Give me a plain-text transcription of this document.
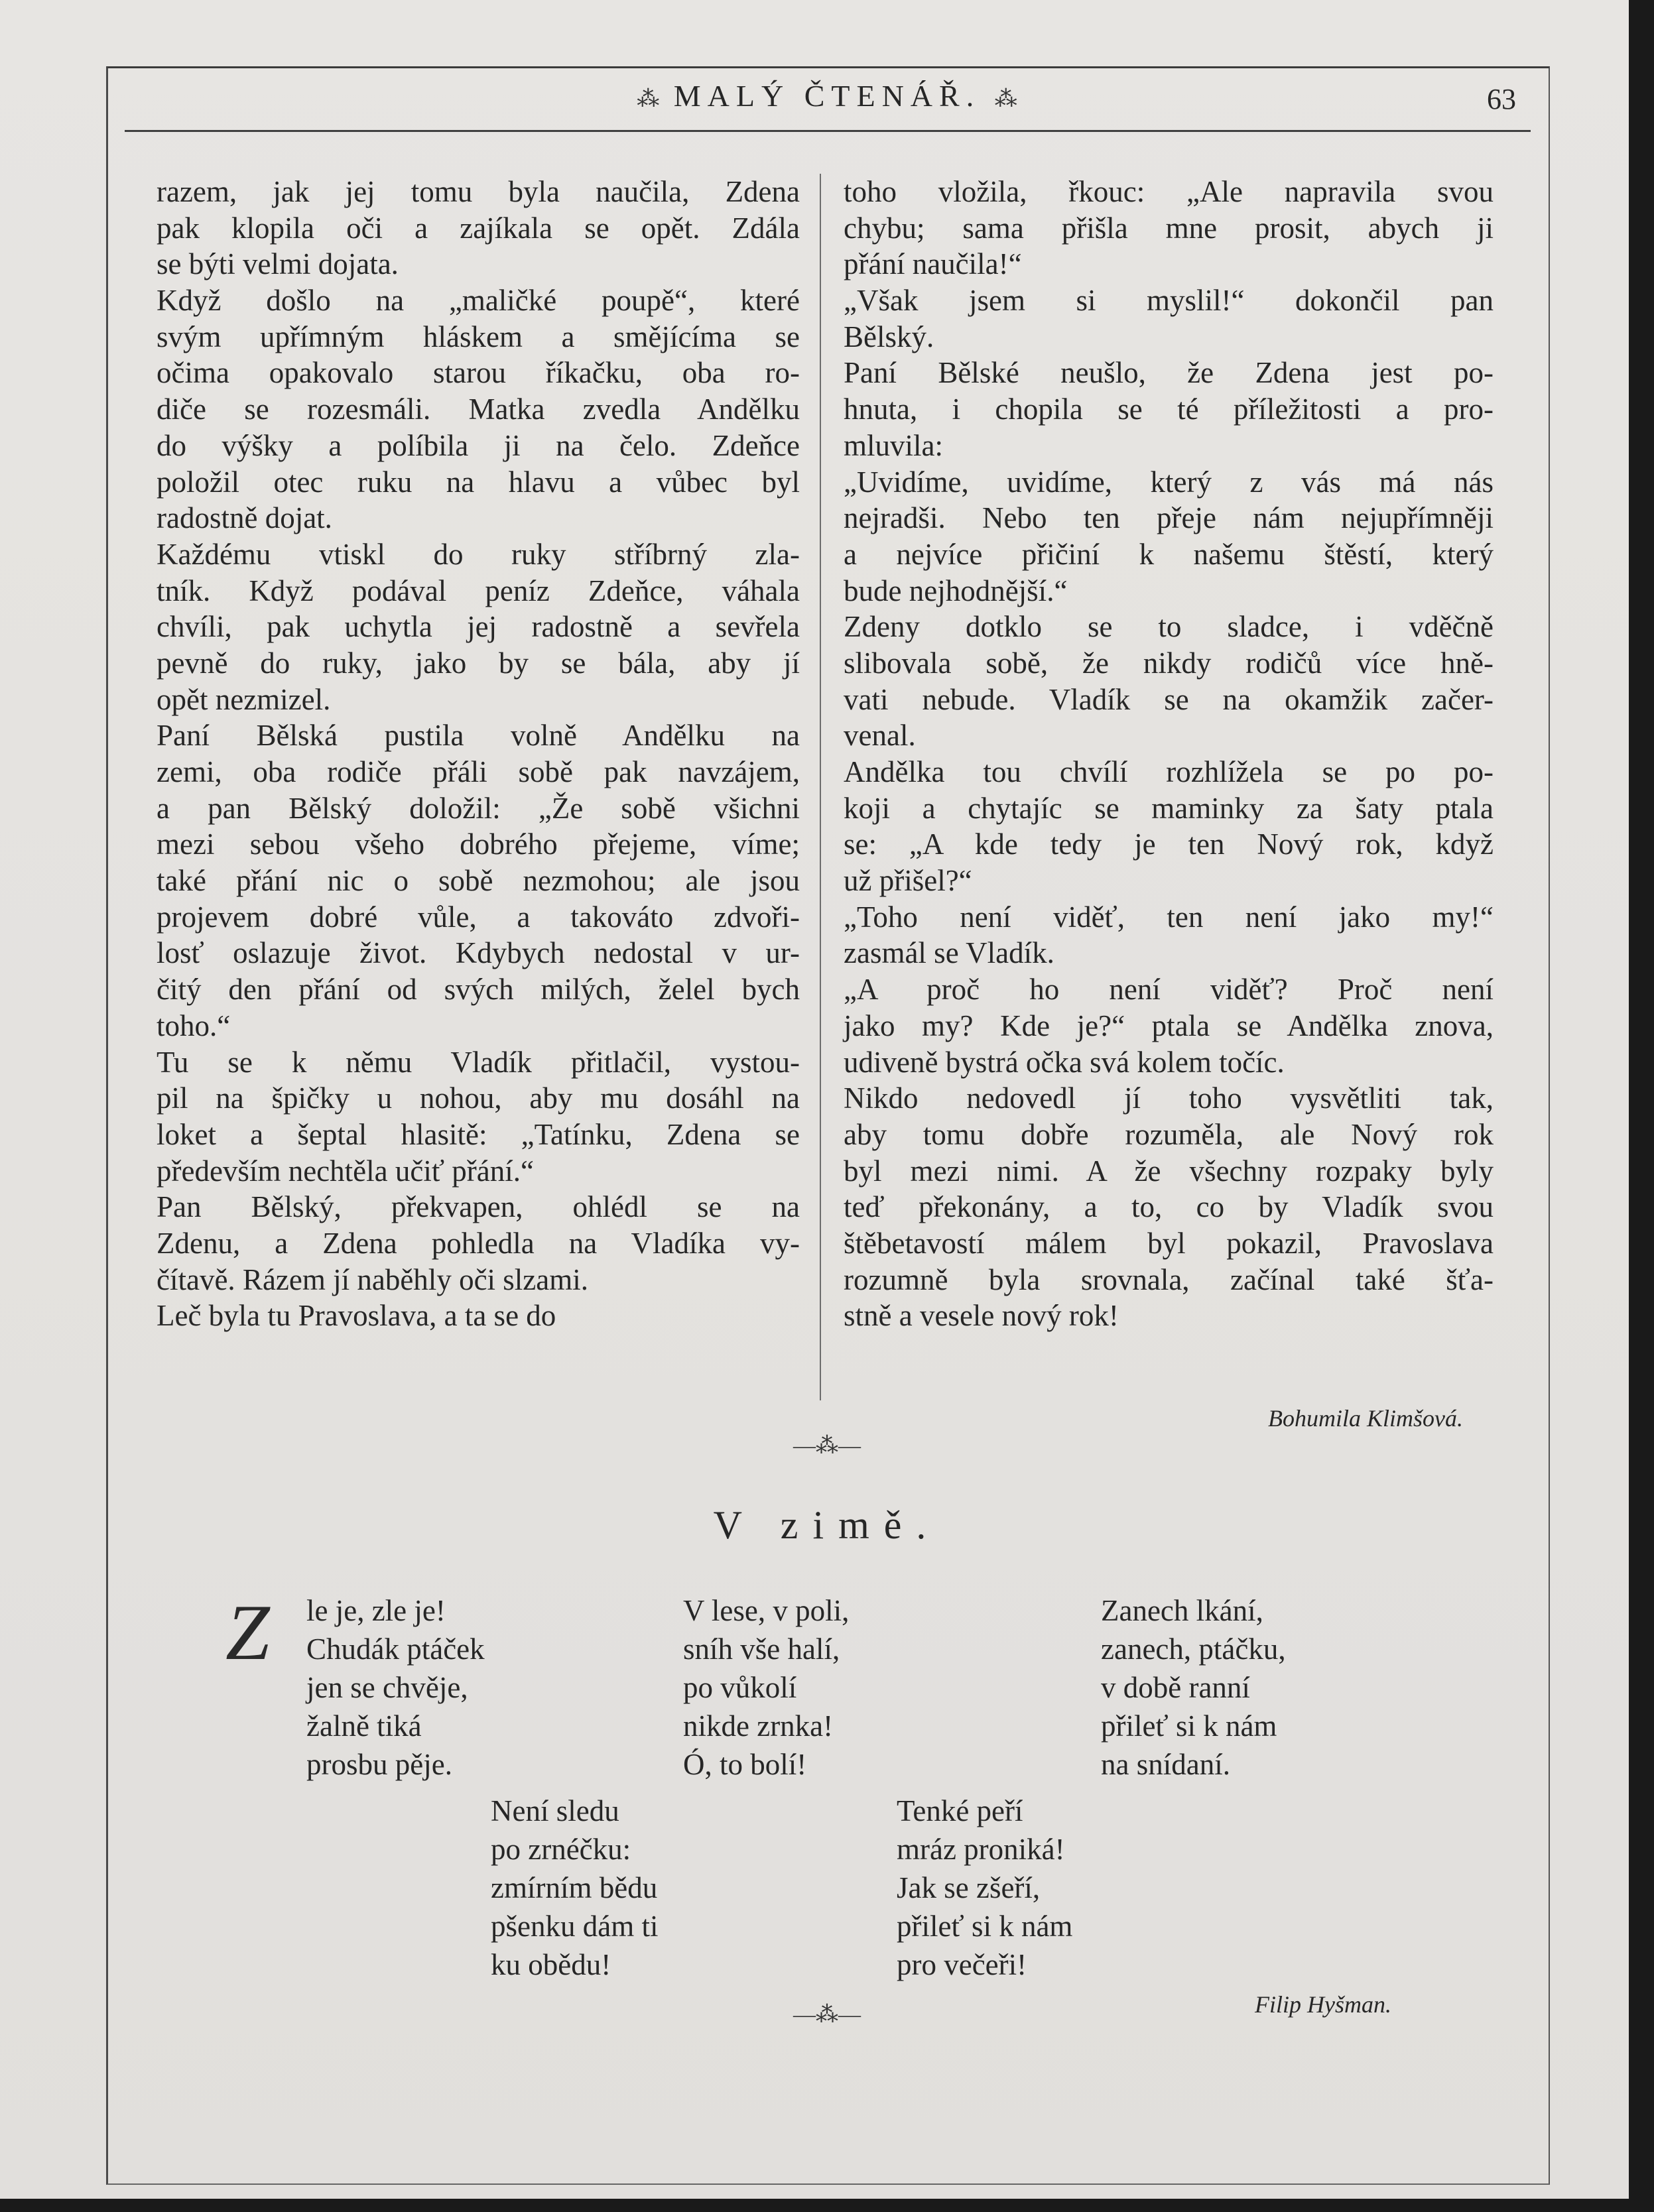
⁂ MALÝ ČTENÁŘ. ⁂	63
razem, jak jej tomu byla naučila, Zdena
pak klopila oči a zajíkala se opět. Zdála
se býti velmi dojata.
Když došlo na „maličké poupě“, které
svým upřímným hláskem a smějícíma se
očima opakovalo starou říkačku, oba ro-
diče se rozesmáli. Matka zvedla Andělku
do výšky a políbila ji na čelo. Zdeňce
položil otec ruku na hlavu a vůbec byl
radostně dojat.
Každému vtiskl do ruky stříbrný zla-
tník. Když podával peníz Zdeňce, váhala
chvíli, pak uchytla jej radostně a sevřela
pevně do ruky, jako by se bála, aby jí
opět nezmizel.
Paní Bělská pustila volně Andělku na
zemi, oba rodiče přáli sobě pak navzájem,
a pan Bělský doložil: „Že sobě všichni
mezi sebou všeho dobrého přejeme, víme;
také přání nic o sobě nezmohou; ale jsou
projevem dobré vůle, a takováto zdvoři-
losť oslazuje život. Kdybych nedostal v ur-
čitý den přání od svých milých, želel bych
toho.“
Tu se k němu Vladík přitlačil, vystou-
pil na špičky u nohou, aby mu dosáhl na
loket a šeptal hlasitě: „Tatínku, Zdena se
především nechtěla učiť přání.“
Pan Bělský, překvapen, ohlédl se na
Zdenu, a Zdena pohledla na Vladíka vy-
čítavě. Rázem jí naběhly oči slzami.
Leč byla tu Pravoslava, a ta se do
toho vložila, řkouc: „Ale napravila svou
chybu; sama přišla mne prosit, abych ji
přání naučila!“
„Však jsem si myslil!“ dokončil pan
Bělský.
Paní Bělské neušlo, že Zdena jest po-
hnuta, i chopila se té příležitosti a pro-
mluvila:
„Uvidíme, uvidíme, který z vás má nás
nejradši. Nebo ten přeje nám nejupřímněji
a nejvíce přičiní k našemu štěstí, který
bude nejhodnější.“
Zdeny dotklo se to sladce, i vděčně
slibovala sobě, že nikdy rodičů více hně-
vati nebude. Vladík se na okamžik začer-
venal.
Andělka tou chvílí rozhlížela se po po-
koji a chytajíc se maminky za šaty ptala
se: „A kde tedy je ten Nový rok, když
už přišel?“
„Toho není viděť, ten není jako my!“
zasmál se Vladík.
„A proč ho není viděť? Proč není
jako my? Kde je?“ ptala se Andělka znova,
udiveně bystrá očka svá kolem točíc.
Nikdo nedovedl jí toho vysvětliti tak,
aby tomu dobře rozuměla, ale Nový rok
byl mezi nimi. A že všechny rozpaky byly
teď překonány, a to, co by Vladík svou
štěbetavostí málem byl pokazil, Pravoslava
rozumně byla srovnala, začínal také šťa-
stně a vesele nový rok!
Bohumila Klimšová.
—⁂—
V zimě.
Z le je, zle je!
Chudák ptáček
jen se chvěje,
žalně tiká
prosbu pěje.
V lese, v poli,
sníh vše halí,
po vůkolí
nikde zrnka!
Ó, to bolí!
Zanech lkání,
zanech, ptáčku,
v době ranní
přileť si k nám
na snídaní.
Není sledu
po zrnéčku:
zmírním bědu
pšenku dám ti
ku obědu!
Tenké peří
mráz proniká!
Jak se zšeří,
přileť si k nám
pro večeři!
Filip Hyšman.
—⁂—
